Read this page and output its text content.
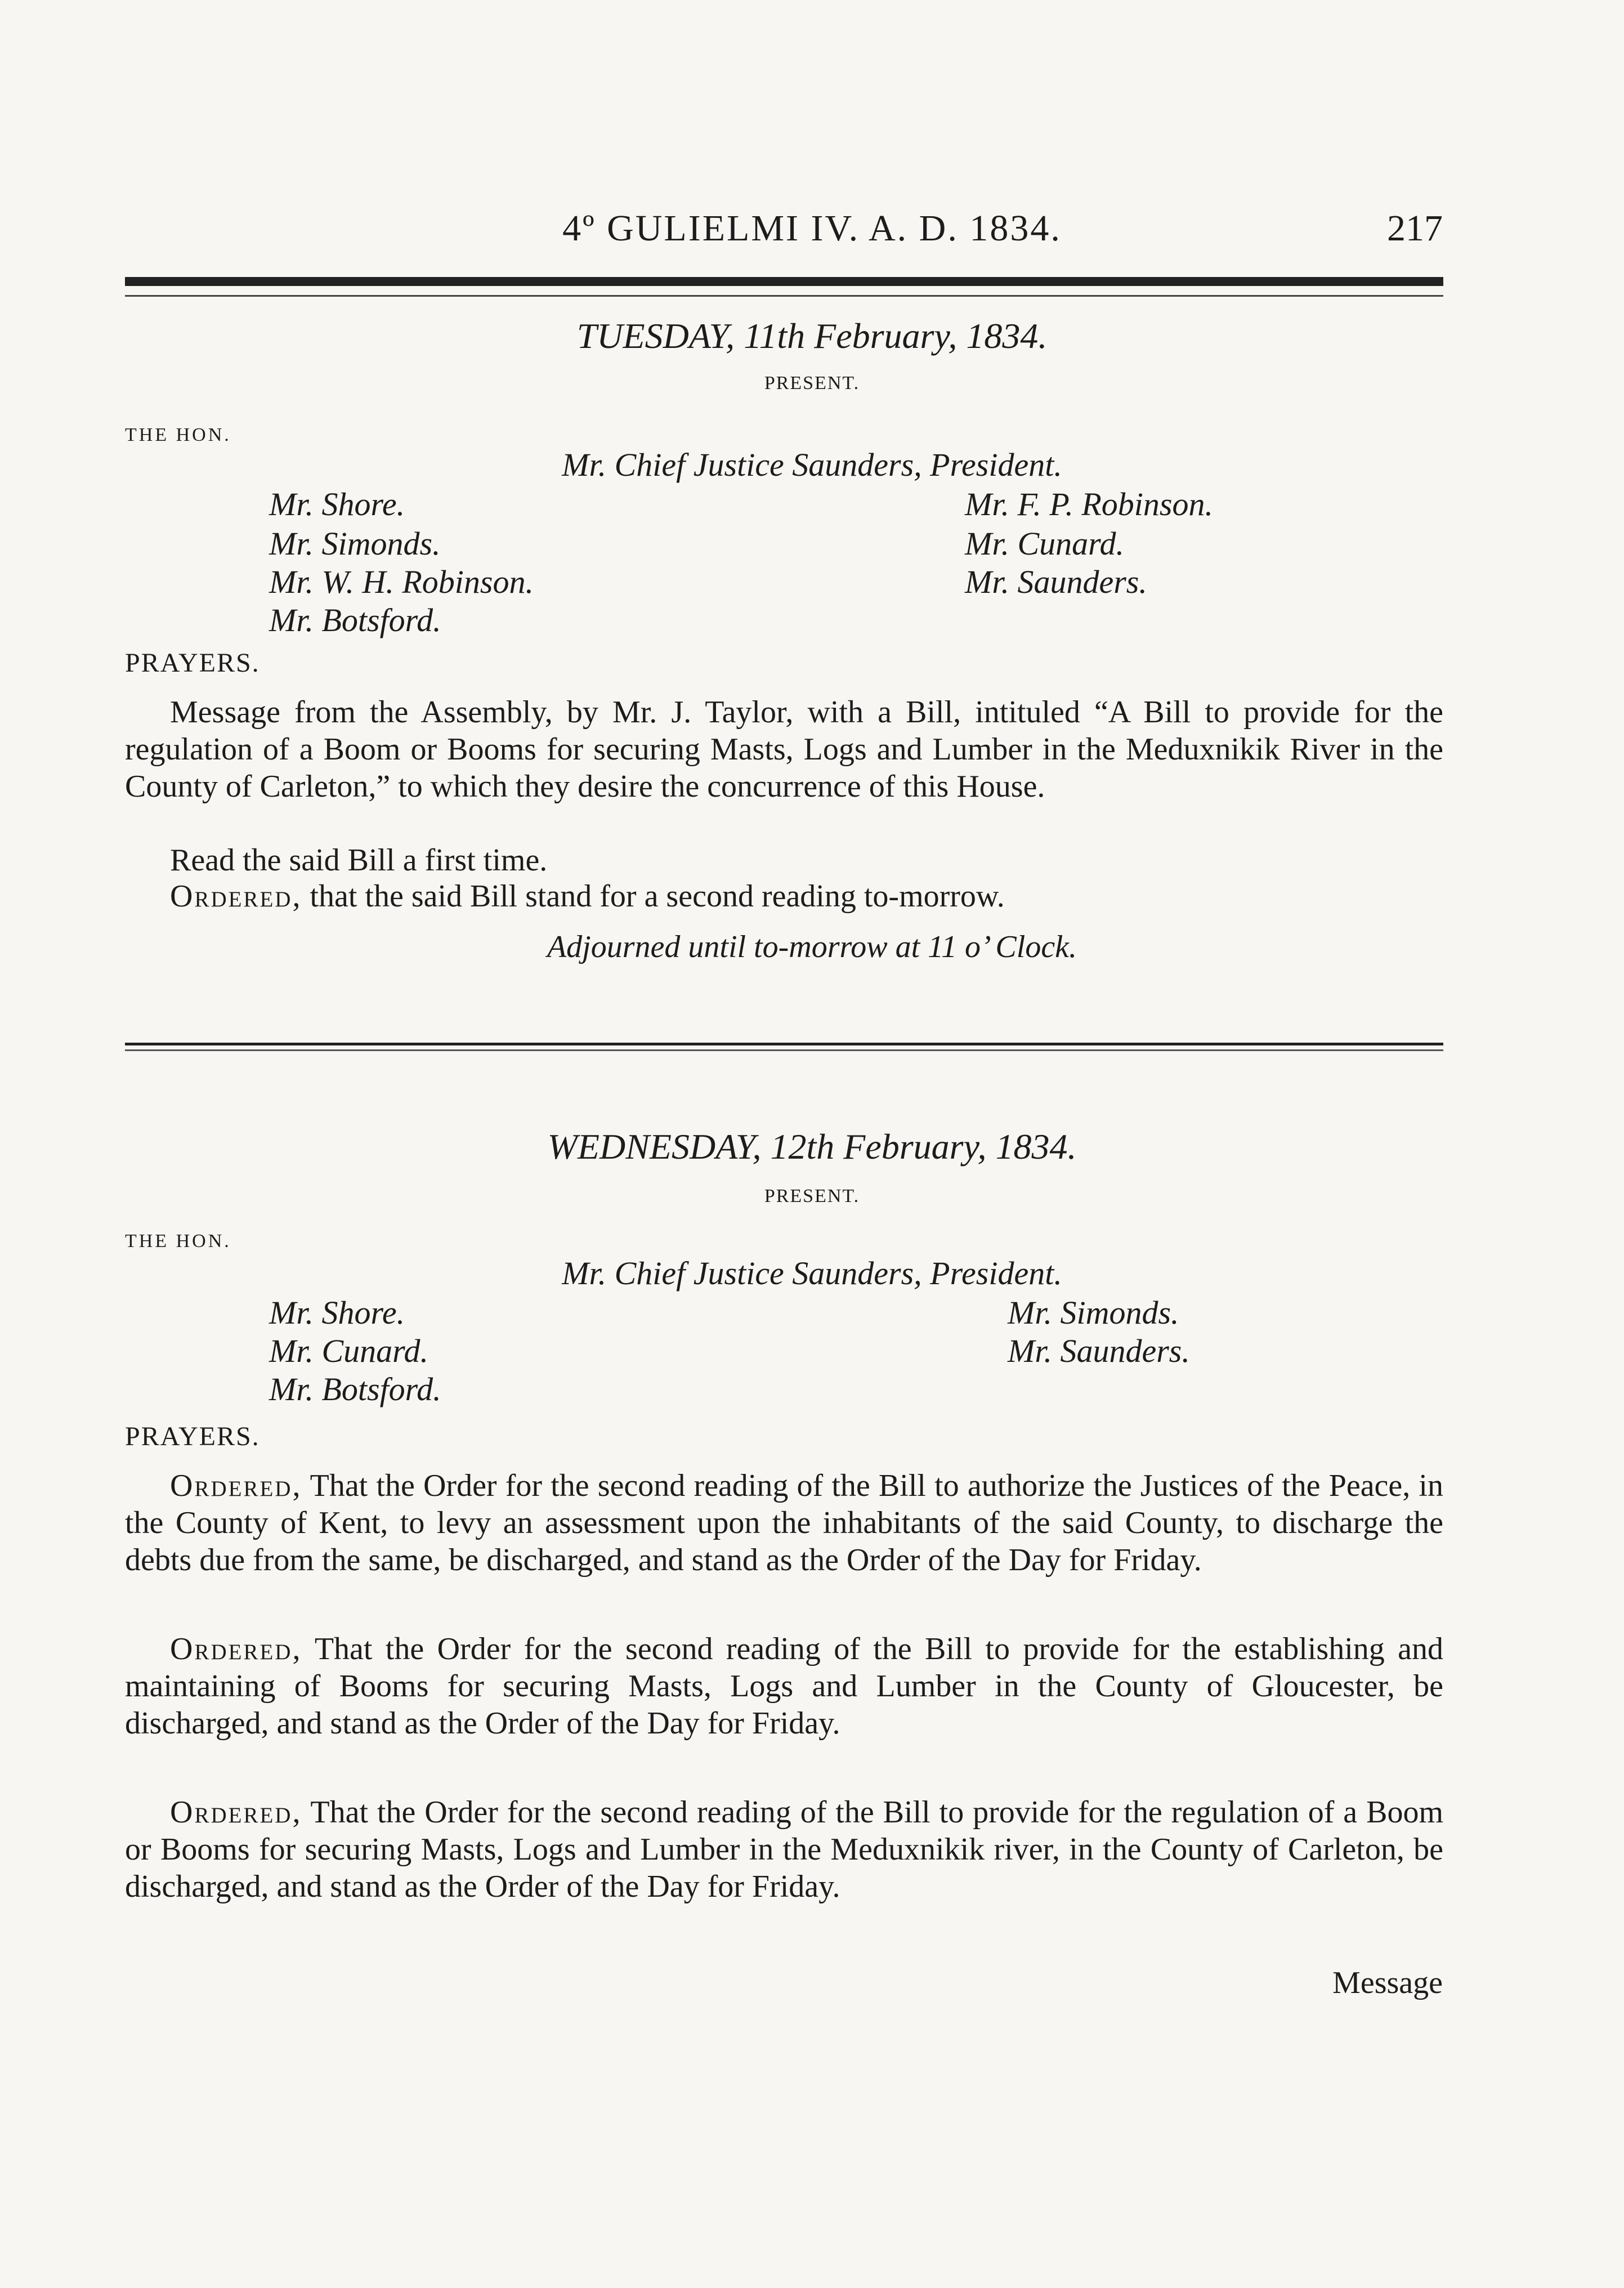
4º GULIELMI IV. A. D. 1834.	217
TUESDAY, 11th February, 1834.
PRESENT.
THE HON.
Mr. Chief Justice Saunders, President.
Mr. Shore.
Mr. Simonds.
Mr. W. H. Robinson.
Mr. Botsford.
Mr. F. P. Robinson.
Mr. Cunard.
Mr. Saunders.
PRAYERS.
Message from the Assembly, by Mr. J. Taylor, with a Bill, intituled “A Bill to provide for the regulation of a Boom or Booms for securing Masts, Logs and Lumber in the Meduxnikik River in the County of Carleton,” to which they desire the concurrence of this House.
Read the said Bill a first time.
Ordered, that the said Bill stand for a second reading to-morrow.
Adjourned until to-morrow at 11 o’ Clock.
WEDNESDAY, 12th February, 1834.
PRESENT.
THE HON.
Mr. Chief Justice Saunders, President.
Mr. Shore.
Mr. Cunard.
Mr. Botsford.
Mr. Simonds.
Mr. Saunders.
PRAYERS.
Ordered, That the Order for the second reading of the Bill to authorize the Justices of the Peace, in the County of Kent, to levy an assessment upon the inhabitants of the said County, to discharge the debts due from the same, be discharged, and stand as the Order of the Day for Friday.
Ordered, That the Order for the second reading of the Bill to provide for the establishing and maintaining of Booms for securing Masts, Logs and Lumber in the County of Gloucester, be discharged, and stand as the Order of the Day for Friday.
Ordered, That the Order for the second reading of the Bill to provide for the regulation of a Boom or Booms for securing Masts, Logs and Lumber in the Meduxnikik river, in the County of Carleton, be discharged, and stand as the Order of the Day for Friday.
Message
